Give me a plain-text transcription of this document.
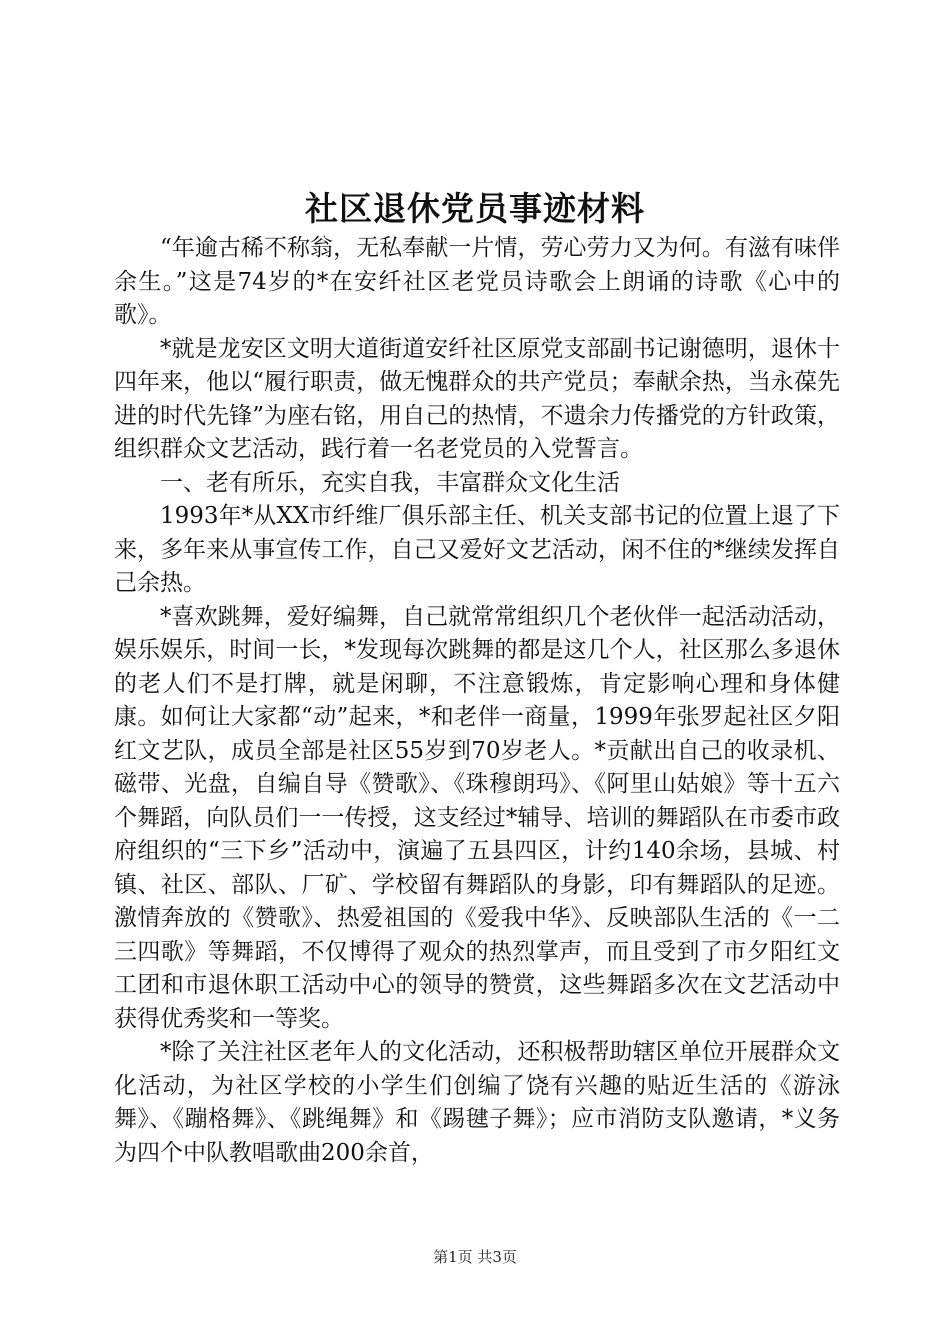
社区退休党员事迹材料

“年逾古稀不称翁，无私奉献一片情，劳心劳力又为何。有滋有味伴余生。”这是74岁的*在安纤社区老党员诗歌会上朗诵的诗歌《心中的歌》。

*就是龙安区文明大道街道安纤社区原党支部副书记谢德明，退休十四年来，他以“履行职责，做无愧群众的共产党员；奉献余热，当永葆先进的时代先锋”为座右铭，用自己的热情，不遗余力传播党的方针政策，组织群众文艺活动，践行着一名老党员的入党誓言。

一、老有所乐，充实自我，丰富群众文化生活

1993年*从XX市纤维厂俱乐部主任、机关支部书记的位置上退了下来，多年来从事宣传工作，自己又爱好文艺活动，闲不住的*继续发挥自己余热。

*喜欢跳舞，爱好编舞，自己就常常组织几个老伙伴一起活动活动，娱乐娱乐，时间一长，*发现每次跳舞的都是这几个人，社区那么多退休的老人们不是打牌，就是闲聊，不注意锻炼，肯定影响心理和身体健康。如何让大家都“动”起来，*和老伴一商量，1999年张罗起社区夕阳红文艺队，成员全部是社区55岁到70岁老人。*贡献出自己的收录机、磁带、光盘，自编自导《赞歌》、《珠穆朗玛》、《阿里山姑娘》等十五六个舞蹈，向队员们一一传授，这支经过*辅导、培训的舞蹈队在市委市政府组织的“三下乡”活动中，演遍了五县四区，计约140余场，县城、村镇、社区、部队、厂矿、学校留有舞蹈队的身影，印有舞蹈队的足迹。激情奔放的《赞歌》、热爱祖国的《爱我中华》、反映部队生活的《一二三四歌》等舞蹈，不仅博得了观众的热烈掌声，而且受到了市夕阳红文工团和市退休职工活动中心的领导的赞赏，这些舞蹈多次在文艺活动中获得优秀奖和一等奖。

*除了关注社区老年人的文化活动，还积极帮助辖区单位开展群众文化活动，为社区学校的小学生们创编了饶有兴趣的贴近生活的《游泳舞》、《蹦格舞》、《跳绳舞》和《踢毽子舞》；应市消防支队邀请，*义务为四个中队教唱歌曲200余首，

第1页 共3页
